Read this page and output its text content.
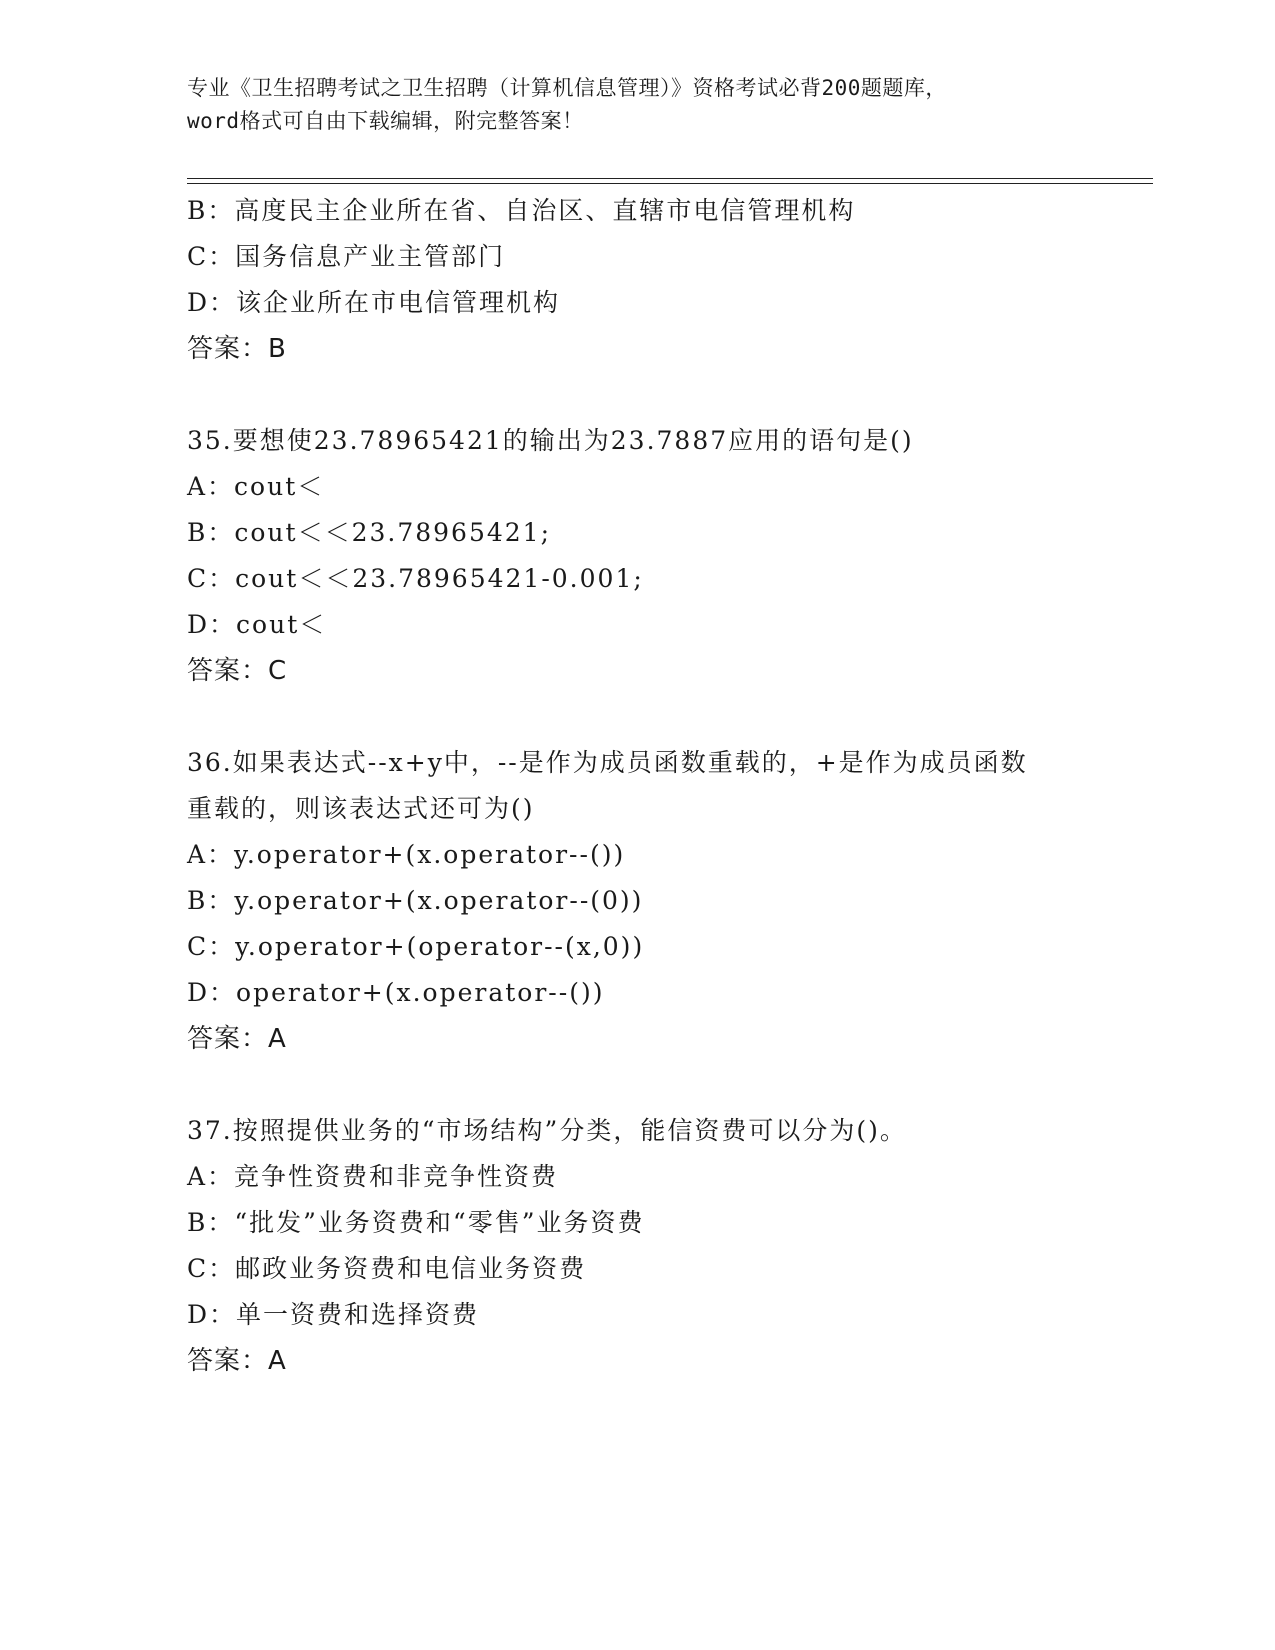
专业《卫生招聘考试之卫生招聘（计算机信息管理）》资格考试必背200题题库，
word格式可自由下载编辑，附完整答案！
B：高度民主企业所在省、自治区、直辖市电信管理机构
C：国务信息产业主管部门
D：该企业所在市电信管理机构
答案：B
35.要想使23.78965421的输出为23.7887应用的语句是()
A：cout＜
B：cout＜＜23.78965421;
C：cout＜＜23.78965421-0.001;
D：cout＜
答案：C
36.如果表达式--x+y中，--是作为成员函数重载的，+是作为成员函数
重载的，则该表达式还可为()
A：y.operator+(x.operator--())
B：y.operator+(x.operator--(0))
C：y.operator+(operator--(x,0))
D：operator+(x.operator--())
答案：A
37.按照提供业务的“市场结构”分类，能信资费可以分为()。
A：竞争性资费和非竞争性资费
B：“批发”业务资费和“零售”业务资费
C：邮政业务资费和电信业务资费
D：单一资费和选择资费
答案：A
